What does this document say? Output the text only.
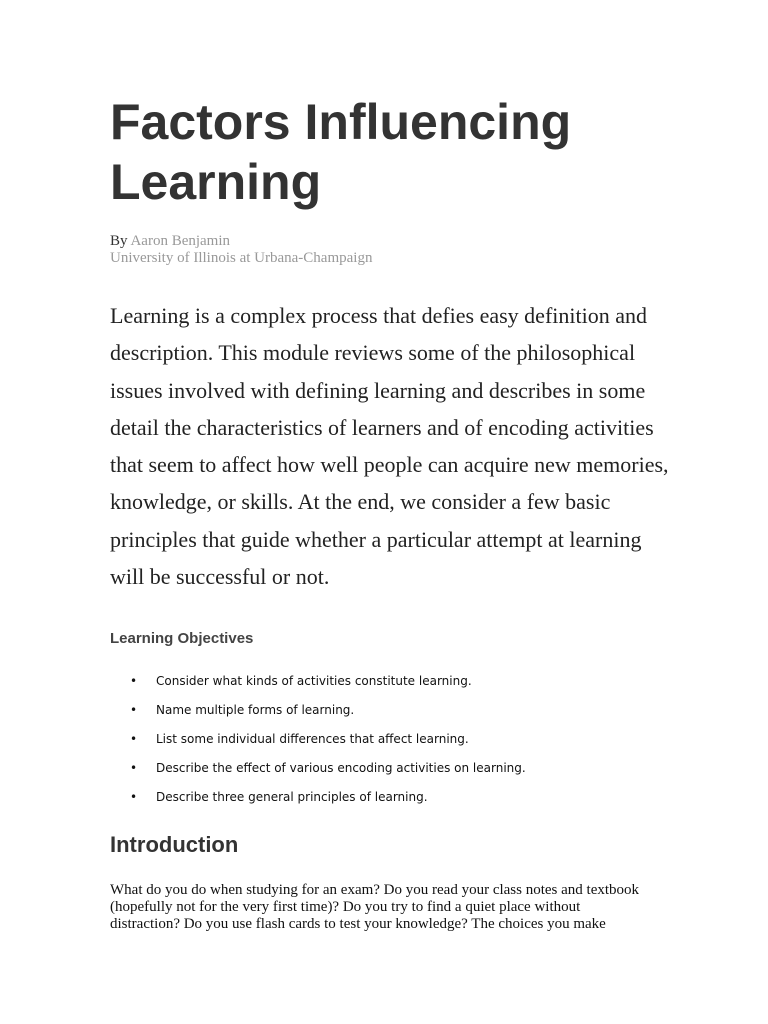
Factors Influencing
Learning
By Aaron Benjamin
University of Illinois at Urbana-Champaign

Learning is a complex process that defies easy definition and description. This module reviews some of the philosophical issues involved with defining learning and describes in some detail the characteristics of learners and of encoding activities that seem to affect how well people can acquire new memories, knowledge, or skills. At the end, we consider a few basic principles that guide whether a particular attempt at learning will be successful or not.

Learning Objectives
• Consider what kinds of activities constitute learning.
• Name multiple forms of learning.
• List some individual differences that affect learning.
• Describe the effect of various encoding activities on learning.
• Describe three general principles of learning.
Introduction

What do you do when studying for an exam? Do you read your class notes and textbook
(hopefully not for the very first time)? Do you try to find a quiet place without
distraction? Do you use flash cards to test your knowledge? The choices you make
